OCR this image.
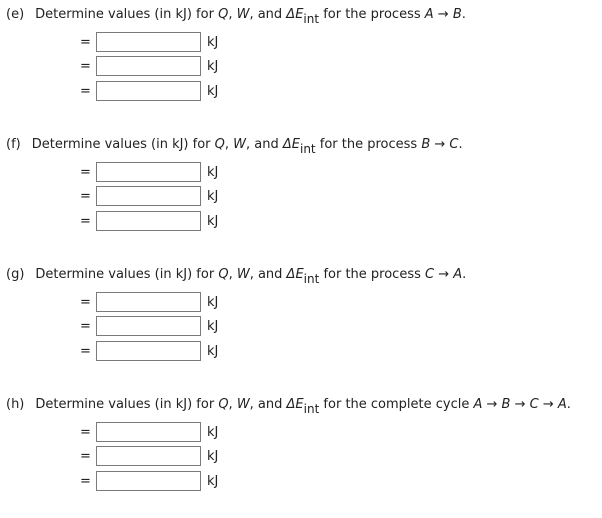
(e) Determine values (in kJ) for Q, W, and $\Delta E_{int}$ for the process A → B.
=	kJ
=	kJ
=	kJ
(f) Determine values (in kJ) for Q, W, and $\Delta E_{int}$ for the process B → C.
=	kJ
=	kJ
=	kJ
(g) Determine values (in kJ) for Q, W, and $\Delta E_{int}$ for the process C → A.
=	kJ
=	kJ
=	kJ
(h) Determine values (in kJ) for Q, W, and $\Delta E_{int}$ for the complete cycle A → B → C → A.
=	kJ
=	kJ
=	kJ
